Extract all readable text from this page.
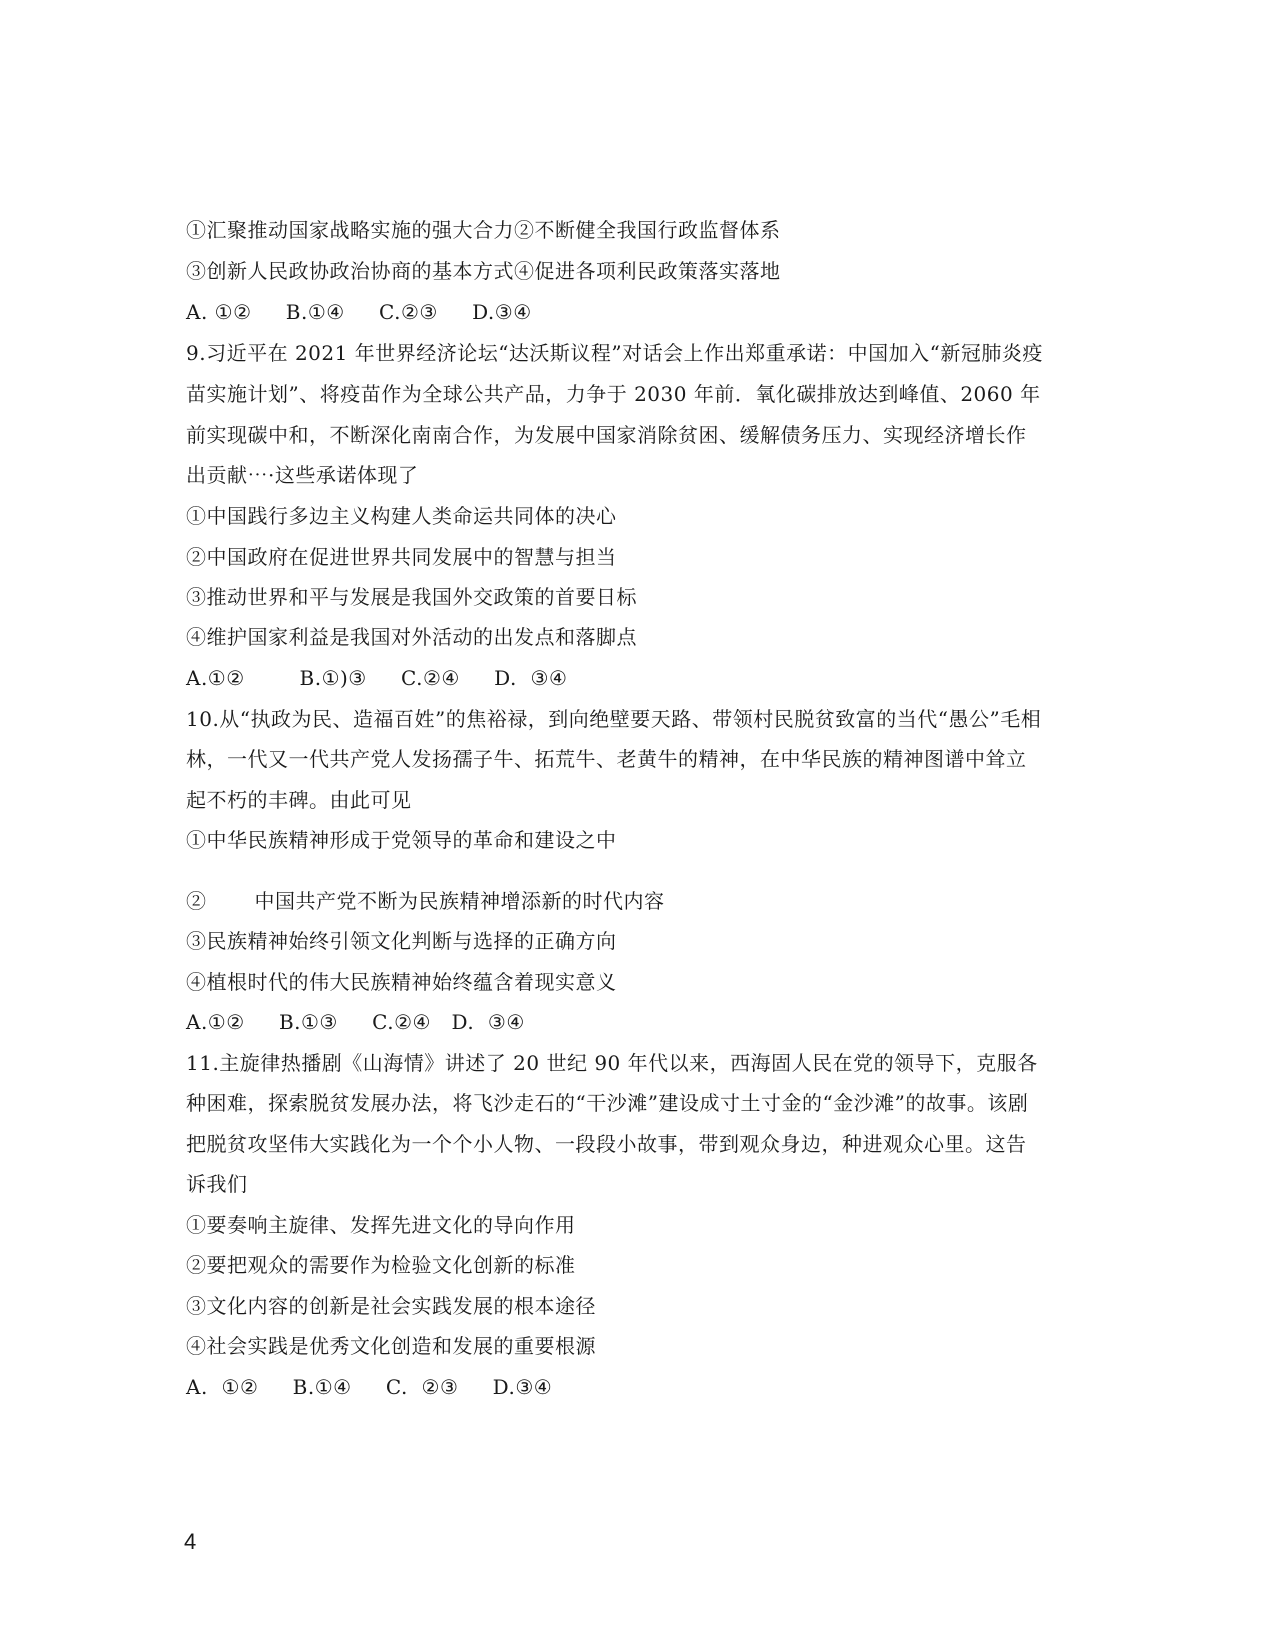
①汇聚推动国家战略实施的强大合力②不断健全我国行政监督体系
③创新人民政协政治协商的基本方式④促进各项利民政策落实落地
A. ①②     B.①④     C.②③     D.③④
9.习近平在 2021 年世界经济论坛“达沃斯议程”对话会上作出郑重承诺：中国加入“新冠肺炎疫
苗实施计划”、将疫苗作为全球公共产品，力争于 2030 年前．氧化碳排放达到峰值、2060 年
前实现碳中和，不断深化南南合作，为发展中国家消除贫困、缓解债务压力、实现经济增长作
出贡献⋯·这些承诺体现了
①中国践行多边主义构建人类命运共同体的决心
②中国政府在促进世界共同发展中的智慧与担当
③推动世界和平与发展是我国外交政策的首要日标
④维护国家利益是我国对外活动的出发点和落脚点
A.①②        B.①)③     C.②④     D.  ③④
10.从“执政为民、造福百姓”的焦裕禄，到向绝壁要天路、带领村民脱贫致富的当代“愚公”毛相
林，一代又一代共产党人发扬孺子牛、拓荒牛、老黄牛的精神，在中华民族的精神图谱中耸立
起不朽的丰碑。由此可见
①中华民族精神形成于党领导的革命和建设之中
②       中国共产党不断为民族精神增添新的时代内容
③民族精神始终引领文化判断与选择的正确方向
④植根时代的伟大民族精神始终蕴含着现实意义
A.①②     B.①③     C.②④   D.  ③④
11.主旋律热播剧《山海情》讲述了 20 世纪 90 年代以来，西海固人民在党的领导下，克服各
种困难，探索脱贫发展办法，将飞沙走石的“干沙滩”建设成寸土寸金的“金沙滩”的故事。该剧
把脱贫攻坚伟大实践化为一个个小人物、一段段小故事，带到观众身边，种进观众心里。这告
诉我们
①要奏响主旋律、发挥先进文化的导向作用
②要把观众的需要作为检验文化创新的标准
③文化内容的创新是社会实践发展的根本途径
④社会实践是优秀文化创造和发展的重要根源
A.  ①②     B.①④     C.  ②③     D.③④
4
